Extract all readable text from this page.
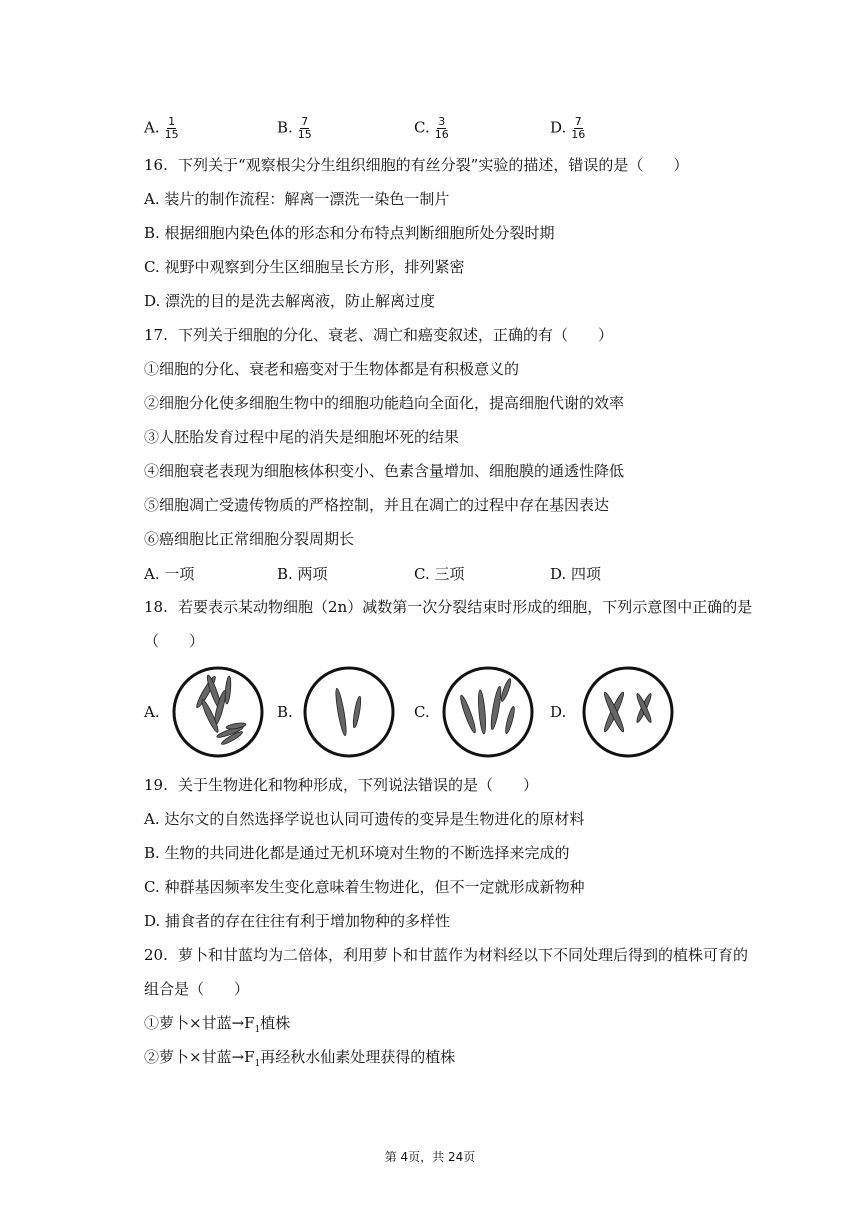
A. $\frac{1}{15}$	B. $\frac{7}{15}$	C. $\frac{3}{16}$	D. $\frac{7}{16}$
16. 下列关于“观察根尖分生组织细胞的有丝分裂”实验的描述，错误的是（　　）
A. 装片的制作流程：解离一漂洗一染色一制片
B. 根据细胞内染色体的形态和分布特点判断细胞所处分裂时期
C. 视野中观察到分生区细胞呈长方形，排列紧密
D. 漂洗的目的是洗去解离液，防止解离过度
17. 下列关于细胞的分化、衰老、凋亡和癌变叙述，正确的有（　　）
①细胞的分化、衰老和癌变对于生物体都是有积极意义的
②细胞分化使多细胞生物中的细胞功能趋向全面化，提高细胞代谢的效率
③人胚胎发育过程中尾的消失是细胞坏死的结果
④细胞衰老表现为细胞核体积变小、色素含量增加、细胞膜的通透性降低
⑤细胞凋亡受遗传物质的严格控制，并且在凋亡的过程中存在基因表达
⑥癌细胞比正常细胞分裂周期长
A. 一项	B. 两项	C. 三项	D. 四项
18. 若要表示某动物细胞（2n）减数第一次分裂结束时形成的细胞，下列示意图中正确的是
（　　）
A.	B.	C.	D.
19. 关于生物进化和物种形成，下列说法错误的是（　　）
A. 达尔文的自然选择学说也认同可遗传的变异是生物进化的原材料
B. 生物的共同进化都是通过无机环境对生物的不断选择来完成的
C. 种群基因频率发生变化意味着生物进化，但不一定就形成新物种
D. 捕食者的存在往往有利于增加物种的多样性
20. 萝卜和甘蓝均为二倍体，利用萝卜和甘蓝作为材料经以下不同处理后得到的植株可育的
组合是（　　）
①萝卜×甘蓝$\to F_1$植株
②萝卜×甘蓝$\to F_1$再经秋水仙素处理获得的植株
第 4页，共 24页
